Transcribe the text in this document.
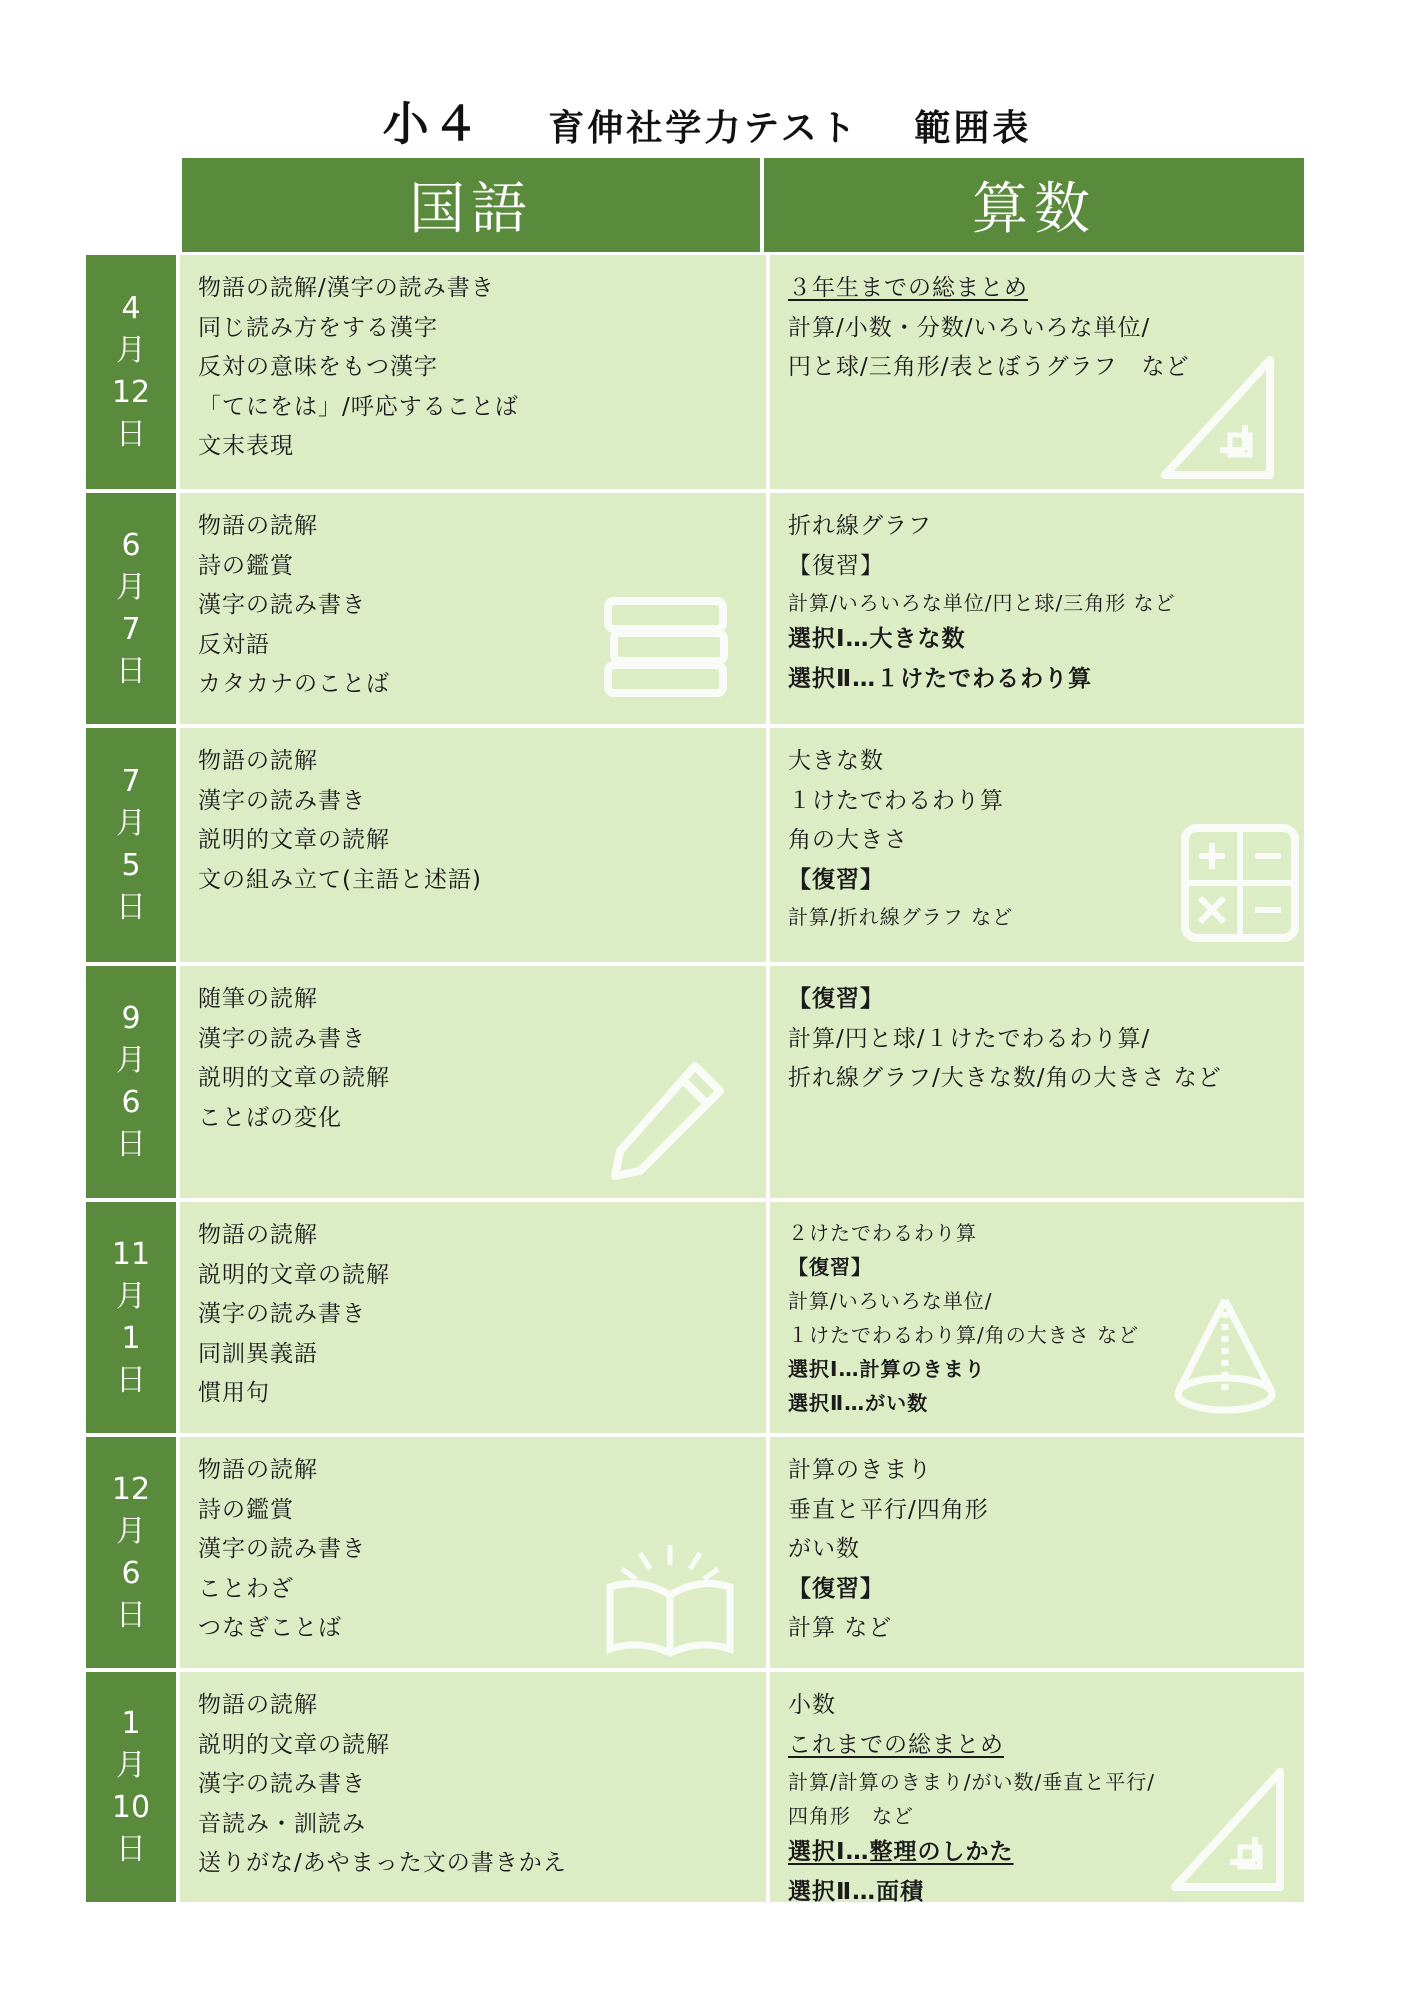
小４ 育伸社学力テスト 範囲表
国語	算数
4
月
12
日
物語の読解/漢字の読み書き
同じ読み方をする漢字
反対の意味をもつ漢字
「てにをは」/呼応することば
文末表現
３年生までの総まとめ
計算/小数・分数/いろいろな単位/
円と球/三角形/表とぼうグラフ　など
6
月
7
日
物語の読解
詩の鑑賞
漢字の読み書き
反対語
カタカナのことば
折れ線グラフ
【復習】
計算/いろいろな単位/円と球/三角形 など
選択Ⅰ…大きな数
選択Ⅱ…１けたでわるわり算
7
月
5
日
物語の読解
漢字の読み書き
説明的文章の読解
文の組み立て(主語と述語)
大きな数
１けたでわるわり算
角の大きさ
【復習】
計算/折れ線グラフ など
9
月
6
日
随筆の読解
漢字の読み書き
説明的文章の読解
ことばの変化
【復習】
計算/円と球/１けたでわるわり算/
折れ線グラフ/大きな数/角の大きさ など
11
月
1
日
物語の読解
説明的文章の読解
漢字の読み書き
同訓異義語
慣用句
２けたでわるわり算
【復習】
計算/いろいろな単位/
１けたでわるわり算/角の大きさ など
選択Ⅰ…計算のきまり
選択Ⅱ…がい数
12
月
6
日
物語の読解
詩の鑑賞
漢字の読み書き
ことわざ
つなぎことば
計算のきまり
垂直と平行/四角形
がい数
【復習】
計算 など
1
月
10
日
物語の読解
説明的文章の読解
漢字の読み書き
音読み・訓読み
送りがな/あやまった文の書きかえ
小数
これまでの総まとめ
計算/計算のきまり/がい数/垂直と平行/
四角形　など
選択Ⅰ…整理のしかた
選択Ⅱ…面積
